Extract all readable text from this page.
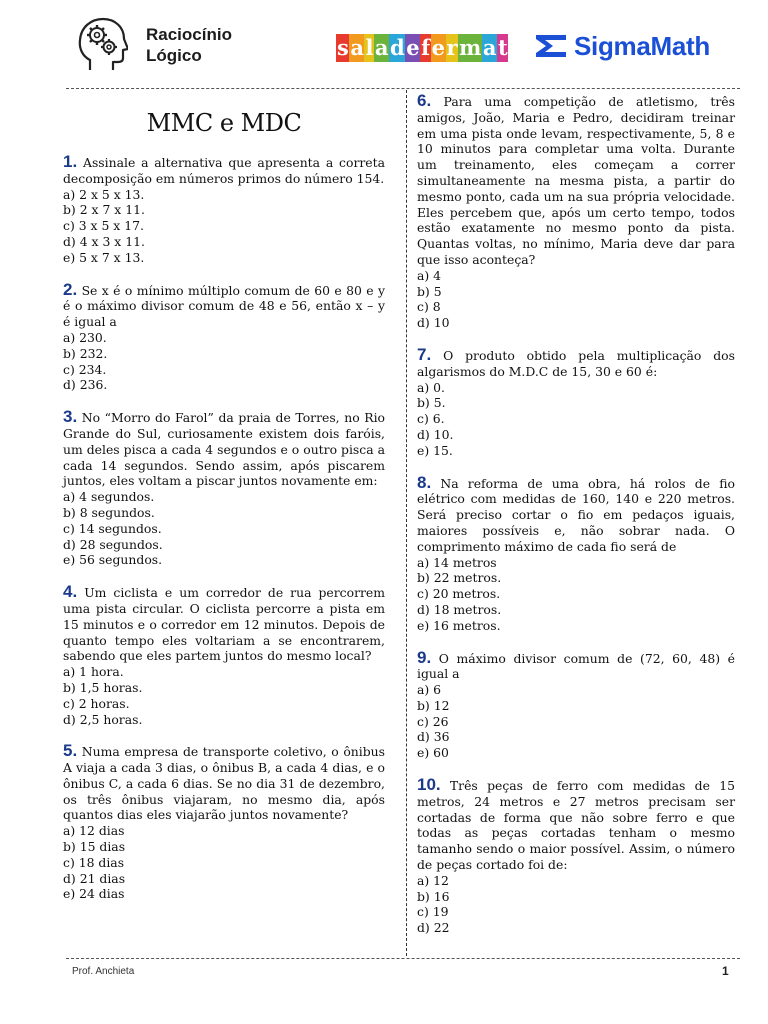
Raciocínio
Lógico	saladefermat	SigmaMath
MMC e MDC
1. Assinale a alternativa que apresenta a correta decomposição em números primos do número 154.
a) 2 x 5 x 13.
b) 2 x 7 x 11.
c) 3 x 5 x 17.
d) 4 x 3 x 11.
e) 5 x 7 x 13.
2. Se x é o mínimo múltiplo comum de 60 e 80 e y é o máximo divisor comum de 48 e 56, então x – y é igual a
a) 230.
b) 232.
c) 234.
d) 236.
3. No “Morro do Farol” da praia de Torres, no Rio Grande do Sul, curiosamente existem dois faróis, um deles pisca a cada 4 segundos e o outro pisca a cada 14 segundos. Sendo assim, após piscarem juntos, eles voltam a piscar juntos novamente em:
a) 4 segundos.
b) 8 segundos.
c) 14 segundos.
d) 28 segundos.
e) 56 segundos.
4. Um ciclista e um corredor de rua percorrem uma pista circular. O ciclista percorre a pista em 15 minutos e o corredor em 12 minutos. Depois de quanto tempo eles voltariam a se encontrarem, sabendo que eles partem juntos do mesmo local?
a) 1 hora.
b) 1,5 horas.
c) 2 horas.
d) 2,5 horas.
5. Numa empresa de transporte coletivo, o ônibus A viaja a cada 3 dias, o ônibus B, a cada 4 dias, e o ônibus C, a cada 6 dias. Se no dia 31 de dezembro, os três ônibus viajaram, no mesmo dia, após quantos dias eles viajarão juntos novamente?
a) 12 dias
b) 15 dias
c) 18 dias
d) 21 dias
e) 24 dias
6. Para uma competição de atletismo, três amigos, João, Maria e Pedro, decidiram treinar em uma pista onde levam, respectivamente, 5, 8 e 10 minutos para completar uma volta. Durante um treinamento, eles começam a correr simultaneamente na mesma pista, a partir do mesmo ponto, cada um na sua própria velocidade. Eles percebem que, após um certo tempo, todos estão exatamente no mesmo ponto da pista. Quantas voltas, no mínimo, Maria deve dar para que isso aconteça?
a) 4
b) 5
c) 8
d) 10
7. O produto obtido pela multiplicação dos algarismos do M.D.C de 15, 30 e 60 é:
a) 0.
b) 5.
c) 6.
d) 10.
e) 15.
8. Na reforma de uma obra, há rolos de fio elétrico com medidas de 160, 140 e 220 metros. Será preciso cortar o fio em pedaços iguais, maiores possíveis e, não sobrar nada. O comprimento máximo de cada fio será de
a) 14 metros
b) 22 metros.
c) 20 metros.
d) 18 metros.
e) 16 metros.
9. O máximo divisor comum de (72, 60, 48) é igual a
a) 6
b) 12
c) 26
d) 36
e) 60
10. Três peças de ferro com medidas de 15 metros, 24 metros e 27 metros precisam ser cortadas de forma que não sobre ferro e que todas as peças cortadas tenham o mesmo tamanho sendo o maior possível. Assim, o número de peças cortado foi de:
a) 12
b) 16
c) 19
d) 22
Prof. Anchieta	1
